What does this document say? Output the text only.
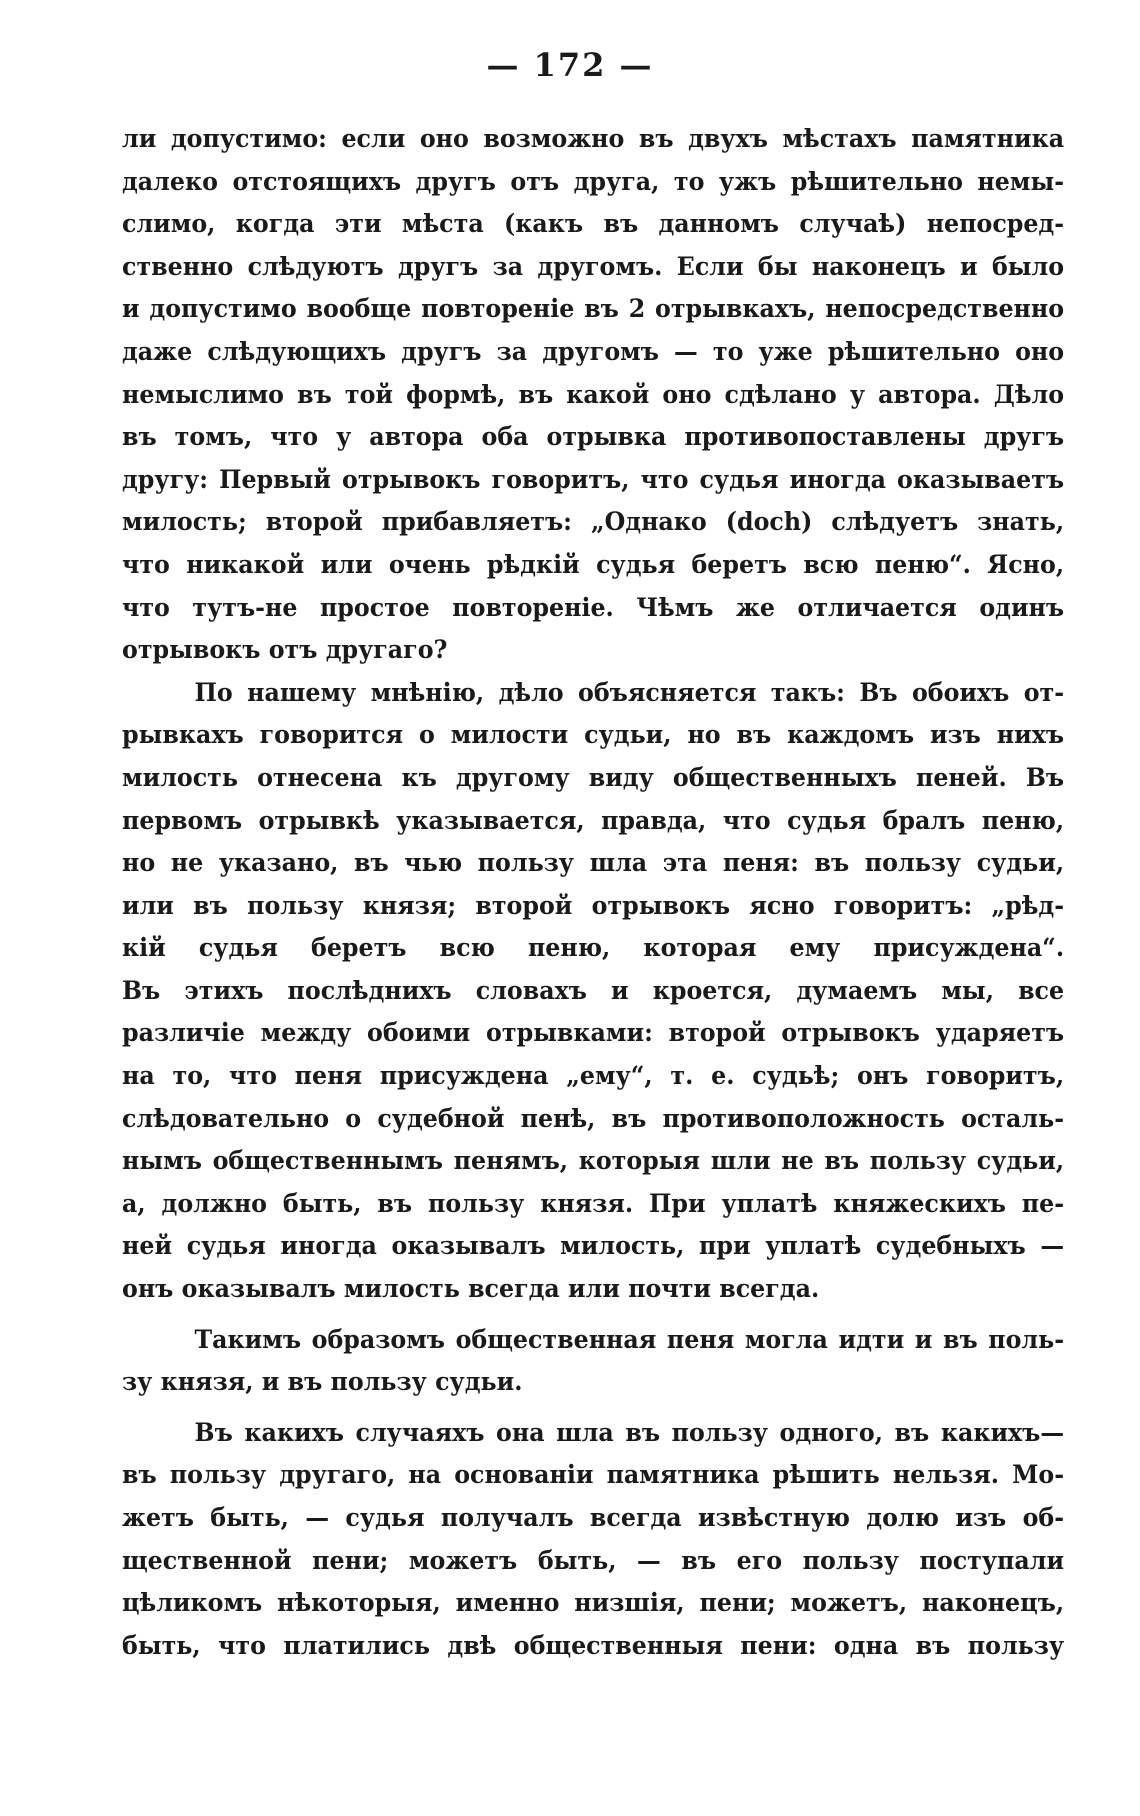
— 172 —
ли допустимо: если оно возможно въ двухъ мѣстахъ памятника
далеко отстоящихъ другъ отъ друга, то ужъ рѣшительно немы-
слимо, когда эти мѣста (какъ въ данномъ случаѣ) непосред-
ственно слѣдуютъ другъ за другомъ. Если бы наконецъ и было
и допустимо вообще повтореніе въ 2 отрывкахъ, непосредственно
даже слѣдующихъ другъ за другомъ — то уже рѣшительно оно
немыслимо въ той формѣ, въ какой оно сдѣлано у автора. Дѣло
въ томъ, что у автора оба отрывка противопоставлены другъ
другу: Первый отрывокъ говоритъ, что судья иногда оказываетъ
милость; второй прибавляетъ: „Однако (doch) слѣдуетъ знать,
что никакой или очень рѣдкій судья беретъ всю пеню“. Ясно,
что тутъ-не простое повтореніе. Чѣмъ же отличается одинъ
отрывокъ отъ другаго?
По нашему мнѣнію, дѣло объясняется такъ: Въ обоихъ от-
рывкахъ говорится о милости судьи, но въ каждомъ изъ нихъ
милость отнесена къ другому виду общественныхъ пеней. Въ
первомъ отрывкѣ указывается, правда, что судья бралъ пеню,
но не указано, въ чью пользу шла эта пеня: въ пользу судьи,
или въ пользу князя; второй отрывокъ ясно говоритъ: „рѣд-
кій судья беретъ всю пеню, которая ему присуждена“.
Въ этихъ послѣднихъ словахъ и кроется, думаемъ мы, все
различіе между обоими отрывками: второй отрывокъ ударяетъ
на то, что пеня присуждена „ему“, т. е. судьѣ; онъ говоритъ,
слѣдовательно о судебной пенѣ, въ противоположность осталь-
нымъ общественнымъ пенямъ, которыя шли не въ пользу судьи,
а, должно быть, въ пользу князя. При уплатѣ княжескихъ пе-
ней судья иногда оказывалъ милость, при уплатѣ судебныхъ —
онъ оказывалъ милость всегда или почти всегда.
Такимъ образомъ общественная пеня могла идти и въ поль-
зу князя, и въ пользу судьи.
Въ какихъ случаяхъ она шла въ пользу одного, въ какихъ—
въ пользу другаго, на основаніи памятника рѣшить нельзя. Мо-
жетъ быть, — судья получалъ всегда извѣстную долю изъ об-
щественной пени; можетъ быть, — въ его пользу поступали
цѣликомъ нѣкоторыя, именно низшія, пени; можетъ, наконецъ,
быть, что платились двѣ общественныя пени: одна въ пользу
